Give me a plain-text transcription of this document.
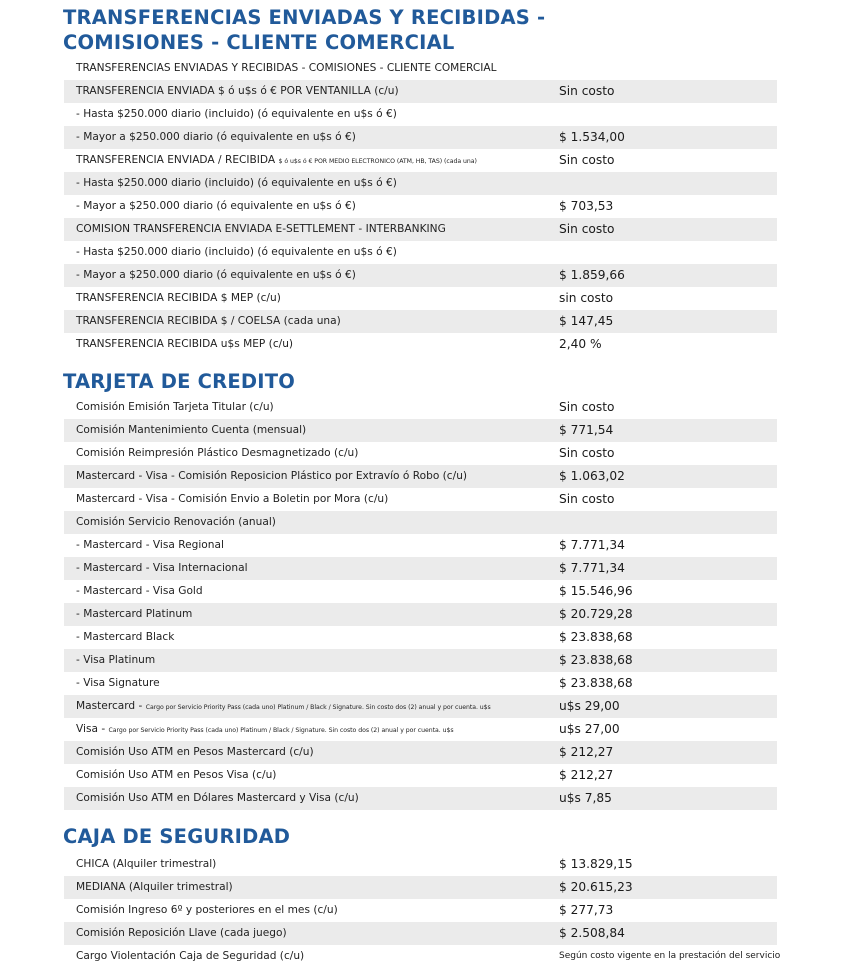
TRANSFERENCIAS ENVIADAS Y RECIBIDAS -
COMISIONES - CLIENTE COMERCIAL
TRANSFERENCIAS ENVIADAS Y RECIBIDAS - COMISIONES - CLIENTE COMERCIAL
TRANSFERENCIA ENVIADA $ ó u$s ó € POR VENTANILLA (c/u)	Sin costo
- Hasta $250.000 diario (incluido) (ó equivalente en u$s ó €)
- Mayor a $250.000 diario (ó equivalente en u$s ó €)	$ 1.534,00
TRANSFERENCIA ENVIADA / RECIBIDA $ ó u$s ó € POR MEDIO ELECTRONICO (ATM, HB, TAS) (cada una)	Sin costo
- Hasta $250.000 diario (incluido) (ó equivalente en u$s ó €)
- Mayor a $250.000 diario (ó equivalente en u$s ó €)	$ 703,53
COMISION TRANSFERENCIA ENVIADA E-SETTLEMENT - INTERBANKING	Sin costo
- Hasta $250.000 diario (incluido) (ó equivalente en u$s ó €)
- Mayor a $250.000 diario (ó equivalente en u$s ó €)	$ 1.859,66
TRANSFERENCIA RECIBIDA $ MEP (c/u)	sin costo
TRANSFERENCIA RECIBIDA $ / COELSA (cada una)	$ 147,45
TRANSFERENCIA RECIBIDA u$s MEP (c/u)	2,40 %
TARJETA DE CREDITO
Comisión Emisión Tarjeta Titular (c/u)	Sin costo
Comisión Mantenimiento Cuenta (mensual)	$ 771,54
Comisión Reimpresión Plástico Desmagnetizado (c/u)	Sin costo
Mastercard - Visa - Comisión Reposicion Plástico por Extravío ó Robo (c/u)	$ 1.063,02
Mastercard - Visa - Comisión Envio a Boletin por Mora (c/u)	Sin costo
Comisión Servicio Renovación (anual)
- Mastercard - Visa Regional	$ 7.771,34
- Mastercard - Visa Internacional	$ 7.771,34
- Mastercard - Visa Gold	$ 15.546,96
- Mastercard Platinum	$ 20.729,28
- Mastercard Black	$ 23.838,68
- Visa Platinum	$ 23.838,68
- Visa Signature	$ 23.838,68
Mastercard - Cargo por Servicio Priority Pass (cada uno) Platinum / Black / Signature. Sin costo dos (2) anual y por cuenta. u$s	u$s 29,00
Visa - Cargo por Servicio Priority Pass (cada uno) Platinum / Black / Signature. Sin costo dos (2) anual y por cuenta. u$s	u$s 27,00
Comisión Uso ATM en Pesos Mastercard (c/u)	$ 212,27
Comisión Uso ATM en Pesos Visa (c/u)	$ 212,27
Comisión Uso ATM en Dólares Mastercard y Visa (c/u)	u$s 7,85
CAJA DE SEGURIDAD
CHICA (Alquiler trimestral)	$ 13.829,15
MEDIANA (Alquiler trimestral)	$ 20.615,23
Comisión Ingreso 6º y posteriores en el mes (c/u)	$ 277,73
Comisión Reposición Llave (cada juego)	$ 2.508,84
Cargo Violentación Caja de Seguridad (c/u)	Según costo vigente en la prestación del servicio
